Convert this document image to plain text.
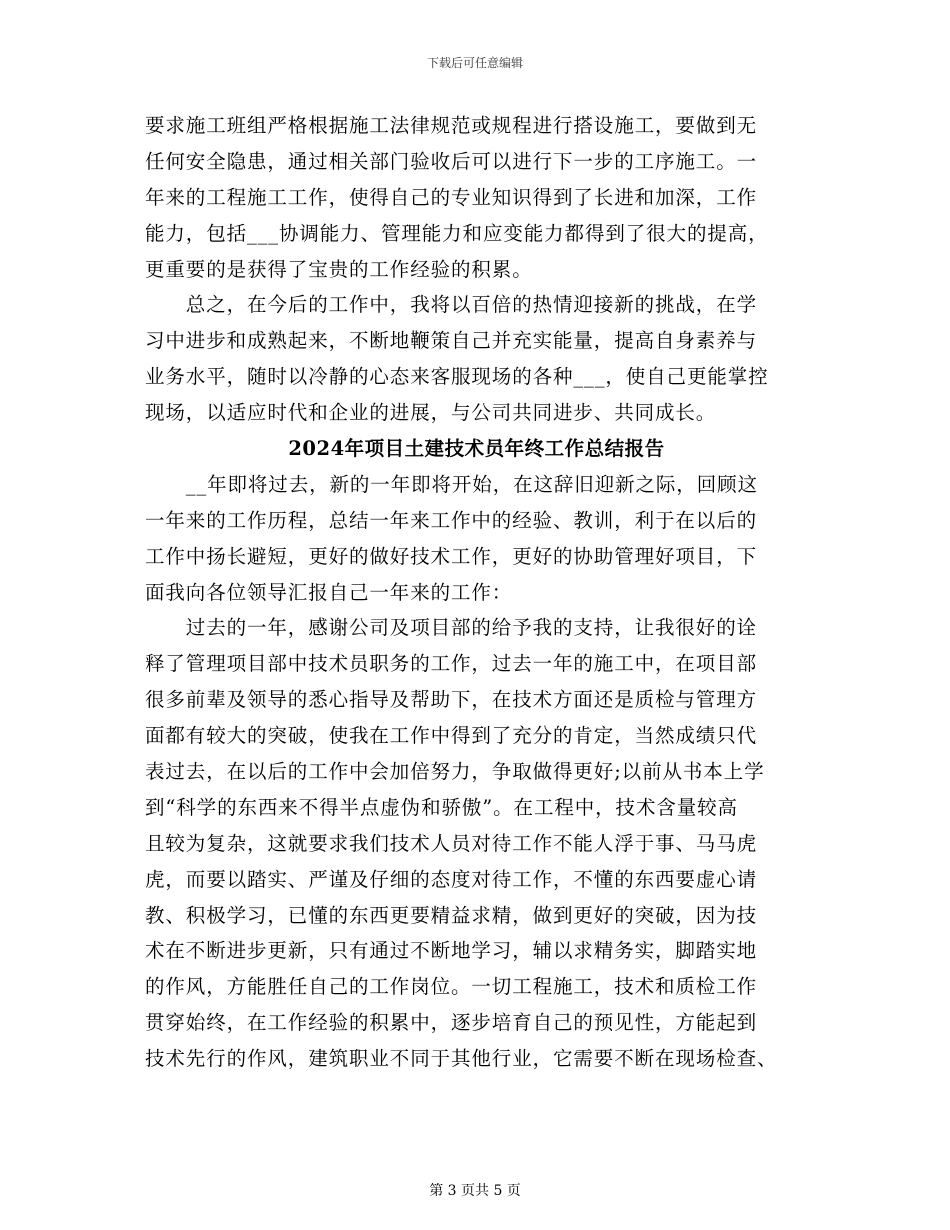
下载后可任意编辑
要求施工班组严格根据施工法律规范或规程进行搭设施工，要做到无
任何安全隐患，通过相关部门验收后可以进行下一步的工序施工。一
年来的工程施工工作，使得自己的专业知识得到了长进和加深，工作
能力，包括___协调能力、管理能力和应变能力都得到了很大的提高，
更重要的是获得了宝贵的工作经验的积累。
　　总之，在今后的工作中，我将以百倍的热情迎接新的挑战，在学
习中进步和成熟起来，不断地鞭策自己并充实能量，提高自身素养与
业务水平，随时以冷静的心态来客服现场的各种___，使自己更能掌控
现场，以适应时代和企业的进展，与公司共同进步、共同成长。
2024年项目土建技术员年终工作总结报告
　　__年即将过去，新的一年即将开始，在这辞旧迎新之际，回顾这
一年来的工作历程，总结一年来工作中的经验、教训，利于在以后的
工作中扬长避短，更好的做好技术工作，更好的协助管理好项目，下
面我向各位领导汇报自己一年来的工作：
　　过去的一年，感谢公司及项目部的给予我的支持，让我很好的诠
释了管理项目部中技术员职务的工作，过去一年的施工中，在项目部
很多前辈及领导的悉心指导及帮助下，在技术方面还是质检与管理方
面都有较大的突破，使我在工作中得到了充分的肯定，当然成绩只代
表过去，在以后的工作中会加倍努力，争取做得更好;以前从书本上学
到“科学的东西来不得半点虚伪和骄傲”。在工程中，技术含量较高
且较为复杂，这就要求我们技术人员对待工作不能人浮于事、马马虎
虎，而要以踏实、严谨及仔细的态度对待工作，不懂的东西要虚心请
教、积极学习，已懂的东西更要精益求精，做到更好的突破，因为技
术在不断进步更新，只有通过不断地学习，辅以求精务实，脚踏实地
的作风，方能胜任自己的工作岗位。一切工程施工，技术和质检工作
贯穿始终，在工作经验的积累中，逐步培育自己的预见性，方能起到
技术先行的作风，建筑职业不同于其他行业，它需要不断在现场检查、
第 3 页共 5 页
